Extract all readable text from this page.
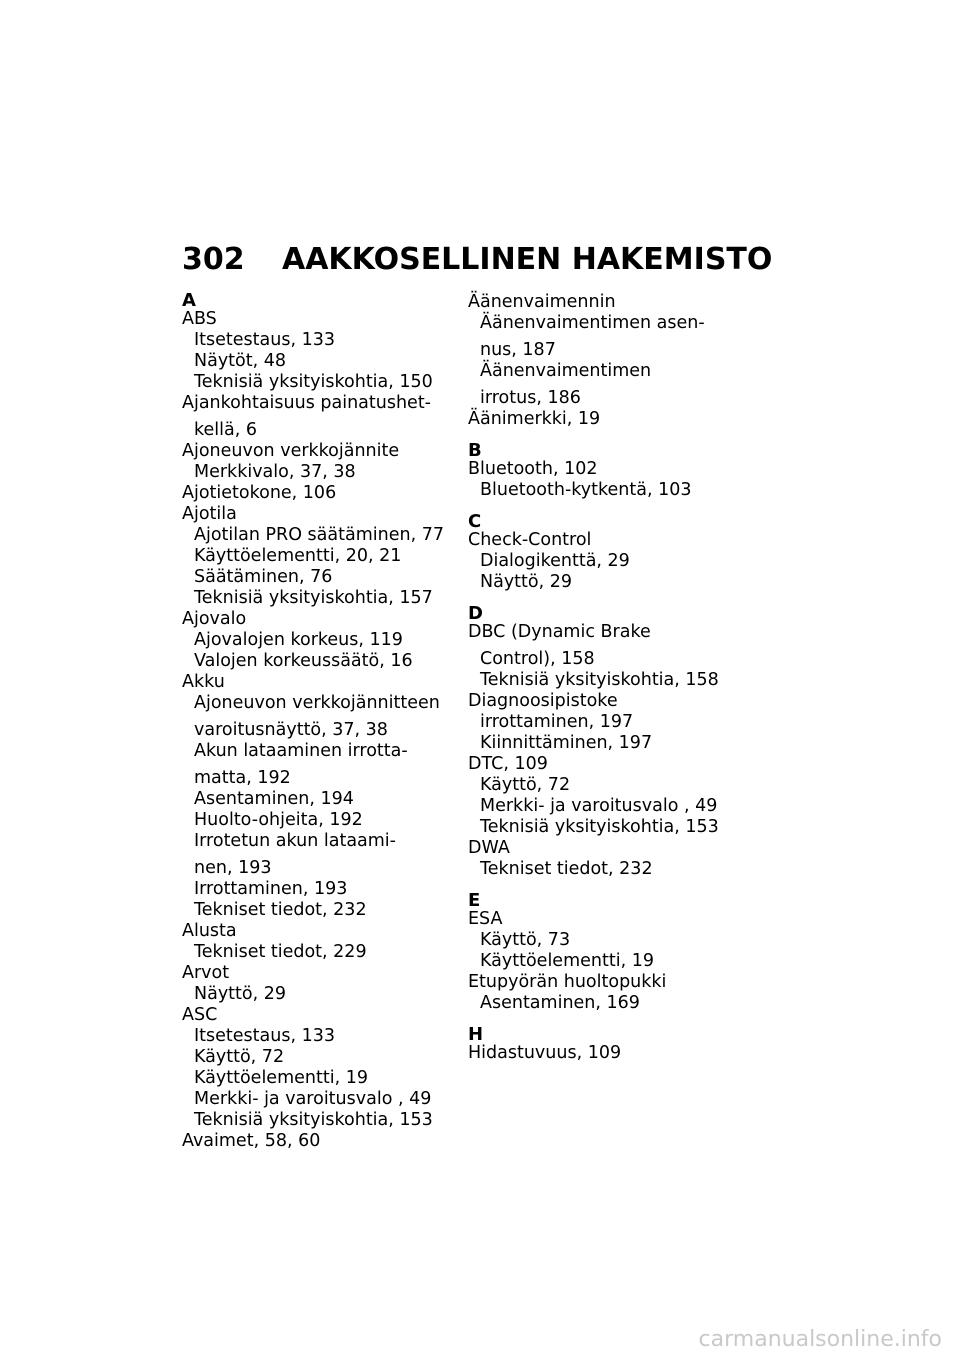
302 AAKKOSELLINEN HAKEMISTO
A
ABS
Itsetestaus, 133
Näytöt, 48
Teknisiä yksityiskohtia, 150
Ajankohtaisuus painatushet-
kellä, 6
Ajoneuvon verkkojännite
Merkkivalo, 37, 38
Ajotietokone, 106
Ajotila
Ajotilan PRO säätäminen, 77
Käyttöelementti, 20, 21
Säätäminen, 76
Teknisiä yksityiskohtia, 157
Ajovalo
Ajovalojen korkeus, 119
Valojen korkeussäätö, 16
Akku
Ajoneuvon verkkojännitteen
varoitusnäyttö, 37, 38
Akun lataaminen irrotta-
matta, 192
Asentaminen, 194
Huolto-ohjeita, 192
Irrotetun akun lataami-
nen, 193
Irrottaminen, 193
Tekniset tiedot, 232
Alusta
Tekniset tiedot, 229
Arvot
Näyttö, 29
ASC
Itsetestaus, 133
Käyttö, 72
Käyttöelementti, 19
Merkki- ja varoitusvalo , 49
Teknisiä yksityiskohtia, 153
Avaimet, 58, 60
Äänenvaimennin
Äänenvaimentimen asen-
nus, 187
Äänenvaimentimen
irrotus, 186
Äänimerkki, 19
B
Bluetooth, 102
Bluetooth-kytkentä, 103
C
Check-Control
Dialogikenttä, 29
Näyttö, 29
D
DBC (Dynamic Brake
Control), 158
Teknisiä yksityiskohtia, 158
Diagnoosipistoke
irrottaminen, 197
Kiinnittäminen, 197
DTC, 109
Käyttö, 72
Merkki- ja varoitusvalo , 49
Teknisiä yksityiskohtia, 153
DWA
Tekniset tiedot, 232
E
ESA
Käyttö, 73
Käyttöelementti, 19
Etupyörän huoltopukki
Asentaminen, 169
H
Hidastuvuus, 109
carmanualsonline.info
